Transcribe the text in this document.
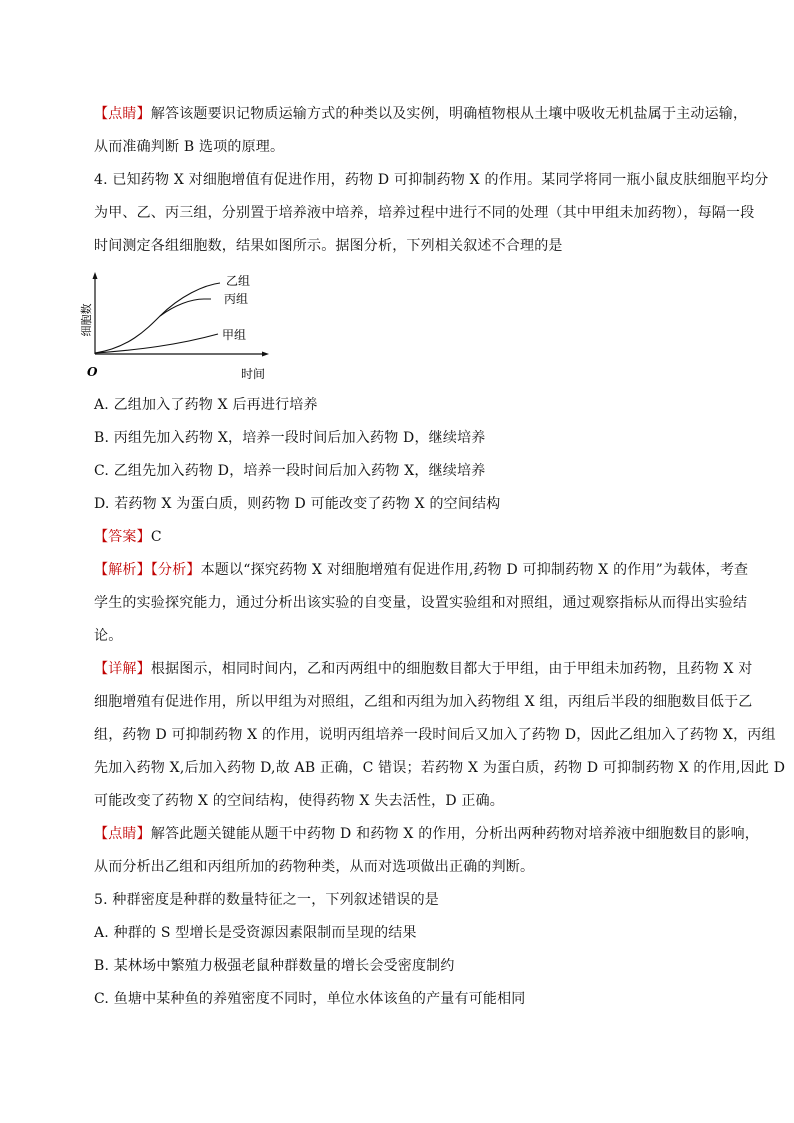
【点睛】解答该题要识记物质运输方式的种类以及实例，明确植物根从土壤中吸收无机盐属于主动运输，
从而准确判断 B 选项的原理。
4. 已知药物 X 对细胞增值有促进作用，药物 D 可抑制药物 X 的作用。某同学将同一瓶小鼠皮肤细胞平均分
为甲、乙、丙三组，分别置于培养液中培养，培养过程中进行不同的处理（其中甲组未加药物），每隔一段
时间测定各组细胞数，结果如图所示。据图分析，下列相关叙述不合理的是
细胞数
乙组
丙组
甲组
O	时间
A. 乙组加入了药物 X 后再进行培养
B. 丙组先加入药物 X，培养一段时间后加入药物 D，继续培养
C. 乙组先加入药物 D，培养一段时间后加入药物 X，继续培养
D. 若药物 X 为蛋白质，则药物 D 可能改变了药物 X 的空间结构
【答案】C
【解析】【分析】本题以“探究药物 X 对细胞增殖有促进作用,药物 D 可抑制药物 X 的作用”为载体，考查
学生的实验探究能力，通过分析出该实验的自变量，设置实验组和对照组，通过观察指标从而得出实验结
论。
【详解】根据图示，相同时间内，乙和丙两组中的细胞数目都大于甲组，由于甲组未加药物，且药物 X 对
细胞增殖有促进作用，所以甲组为对照组，乙组和丙组为加入药物组 X 组，丙组后半段的细胞数目低于乙
组，药物 D 可抑制药物 X 的作用，说明丙组培养一段时间后又加入了药物 D，因此乙组加入了药物 X，丙组
先加入药物 X,后加入药物 D,故 AB 正确，C 错误；若药物 X 为蛋白质，药物 D 可抑制药物 X 的作用,因此 D
可能改变了药物 X 的空间结构，使得药物 X 失去活性，D 正确。
【点睛】解答此题关键能从题干中药物 D 和药物 X 的作用，分析出两种药物对培养液中细胞数目的影响，
从而分析出乙组和丙组所加的药物种类，从而对选项做出正确的判断。
5. 种群密度是种群的数量特征之一，下列叙述错误的是
A. 种群的 S 型增长是受资源因素限制而呈现的结果
B. 某林场中繁殖力极强老鼠种群数量的增长会受密度制约
C. 鱼塘中某种鱼的养殖密度不同时，单位水体该鱼的产量有可能相同
